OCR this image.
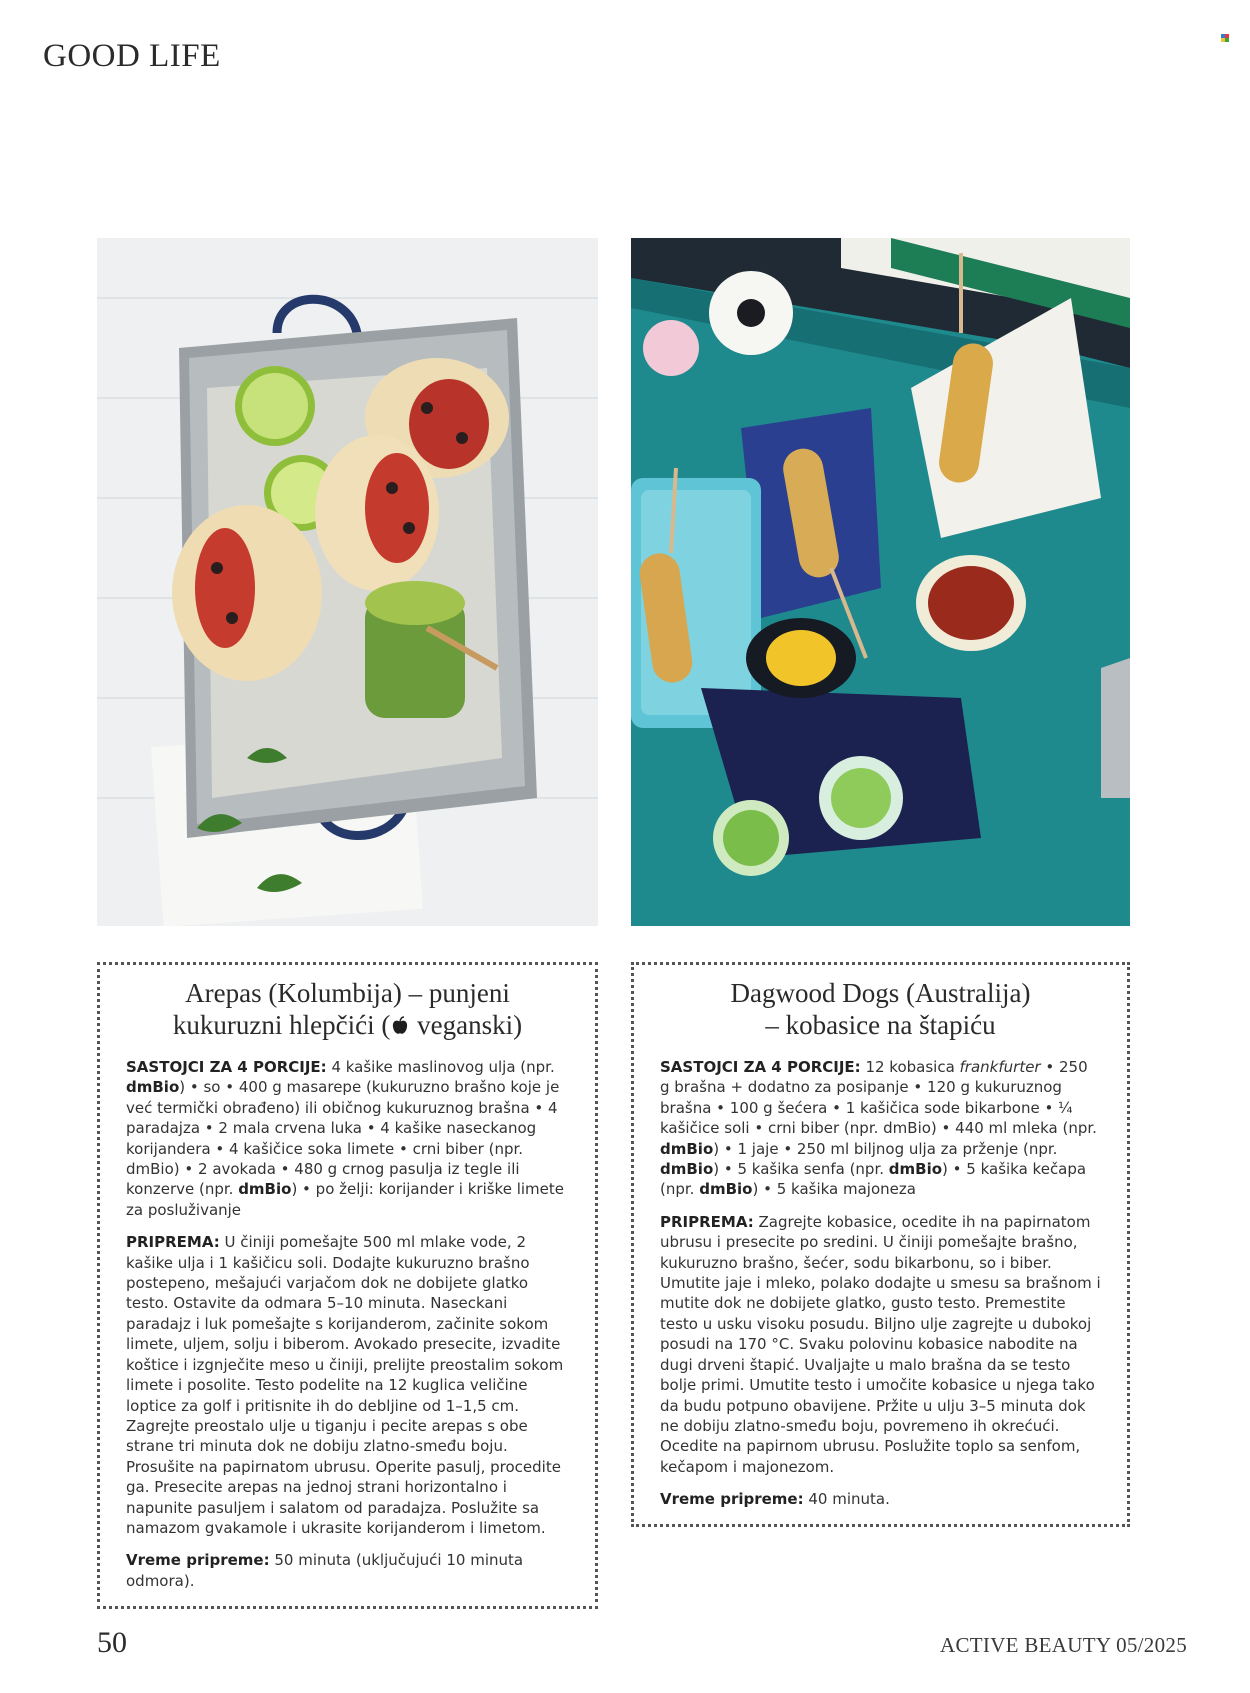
GOOD LIFE
Arepas (Kolumbija) – punjeni
kukuruzni hlepčići ( veganski)

SASTOJCI ZA 4 PORCIJE: 4 kašike maslinovog ulja (npr. dmBio) • so • 400 g masarepe (kukuruzno brašno koje je već termički obrađeno) ili običnog kukuruznog brašna • 4 paradajza • 2 mala crvena luka • 4 kašike naseckanog korijandera • 4 kašičice soka limete • crni biber (npr. dmBio) • 2 avokada • 480 g crnog pasulja iz tegle ili konzerve (npr. dmBio) • po želji: korijander i kriške limete za posluživanje

PRIPREMA: U činiji pomešajte 500 ml mlake vode, 2 kašike ulja i 1 kašičicu soli. Dodajte kukuruzno brašno postepeno, mešajući varjačom dok ne dobijete glatko testo. Ostavite da odmara 5–10 minuta. Naseckani paradajz i luk pomešajte s korijanderom, začinite sokom limete, uljem, solju i biberom. Avokado presecite, izvadite koštice i izgnječite meso u činiji, prelijte preostalim sokom limete i posolite. Testo podelite na 12 kuglica veličine loptice za golf i pritisnite ih do debljine od 1–1,5 cm. Zagrejte preostalo ulje u tiganju i pecite arepas s obe strane tri minuta dok ne dobiju zlatno-smeđu boju. Prosušite na papirnatom ubrusu. Operite pasulj, procedite ga. Presecite arepas na jednoj strani horizontalno i napunite pasuljem i salatom od paradajza. Poslužite sa namazom gvakamole i ukrasite korijanderom i limetom.

Vreme pripreme: 50 minuta (uključujući 10 minuta odmora).

Dagwood Dogs (Australija)
– kobasice na štapiću

SASTOJCI ZA 4 PORCIJE: 12 kobasica frankfurter • 250 g brašna + dodatno za posipanje • 120 g kukuruznog brašna • 100 g šećera • 1 kašičica sode bikarbone • ¼ kašičice soli • crni biber (npr. dmBio) • 440 ml mleka (npr. dmBio) • 1 jaje • 250 ml biljnog ulja za prženje (npr. dmBio) • 5 kašika senfa (npr. dmBio) • 5 kašika kečapa (npr. dmBio) • 5 kašika majoneza

PRIPREMA: Zagrejte kobasice, ocedite ih na papirnatom ubrusu i presecite po sredini. U činiji pomešajte brašno, kukuruzno brašno, šećer, sodu bikarbonu, so i biber. Umutite jaje i mleko, polako dodajte u smesu sa brašnom i mutite dok ne dobijete glatko, gusto testo. Premestite testo u usku visoku posudu. Biljno ulje zagrejte u dubokoj posudi na 170 °C. Svaku polovinu kobasice nabodite na dugi drveni štapić. Uvaljajte u malo brašna da se testo bolje primi. Umutite testo i umočite kobasice u njega tako da budu potpuno obavijene. Pržite u ulju 3–5 minuta dok ne dobiju zlatno-smeđu boju, povremeno ih okrećući. Ocedite na papirnom ubrusu. Poslužite toplo sa senfom, kečapom i majonezom.

Vreme pripreme: 40 minuta.

50	ACTIVE BEAUTY 05/2025
